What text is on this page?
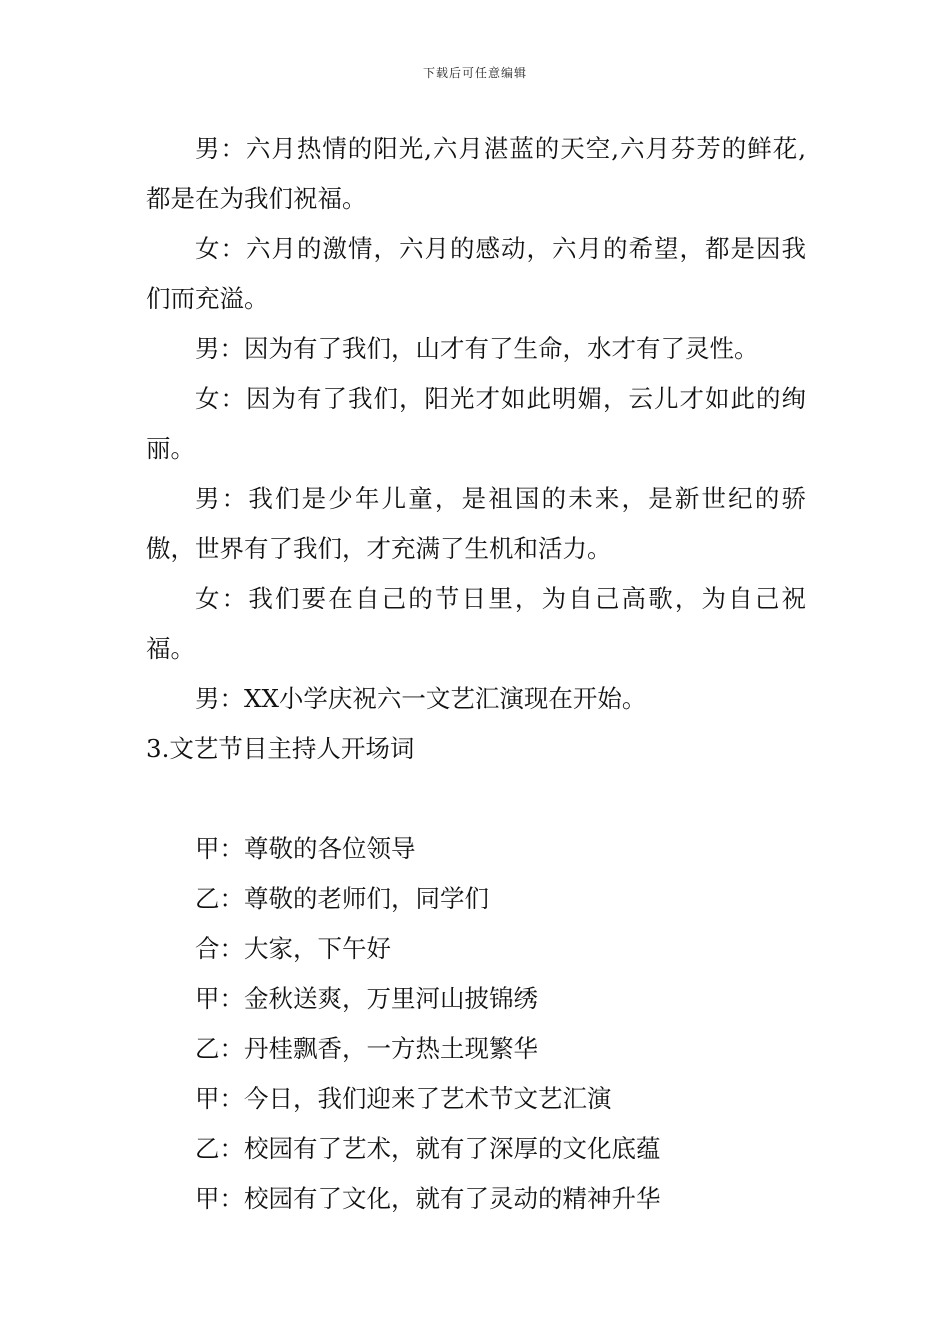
下载后可任意编辑

男：六月热情的阳光,六月湛蓝的天空,六月芬芳的鲜花,都是在为我们祝福。

女：六月的激情，六月的感动，六月的希望，都是因我们而充溢。

男：因为有了我们，山才有了生命，水才有了灵性。

女：因为有了我们，阳光才如此明媚，云儿才如此的绚丽。

男：我们是少年儿童，是祖国的未来，是新世纪的骄傲，世界有了我们，才充满了生机和活力。

女：我们要在自己的节日里，为自己高歌，为自己祝福。

男：XX小学庆祝六一文艺汇演现在开始。

3.文艺节目主持人开场词

甲：尊敬的各位领导

乙：尊敬的老师们，同学们

合：大家，下午好

甲：金秋送爽，万里河山披锦绣

乙：丹桂飘香，一方热土现繁华

甲：今日，我们迎来了艺术节文艺汇演

乙：校园有了艺术，就有了深厚的文化底蕴

甲：校园有了文化，就有了灵动的精神升华
